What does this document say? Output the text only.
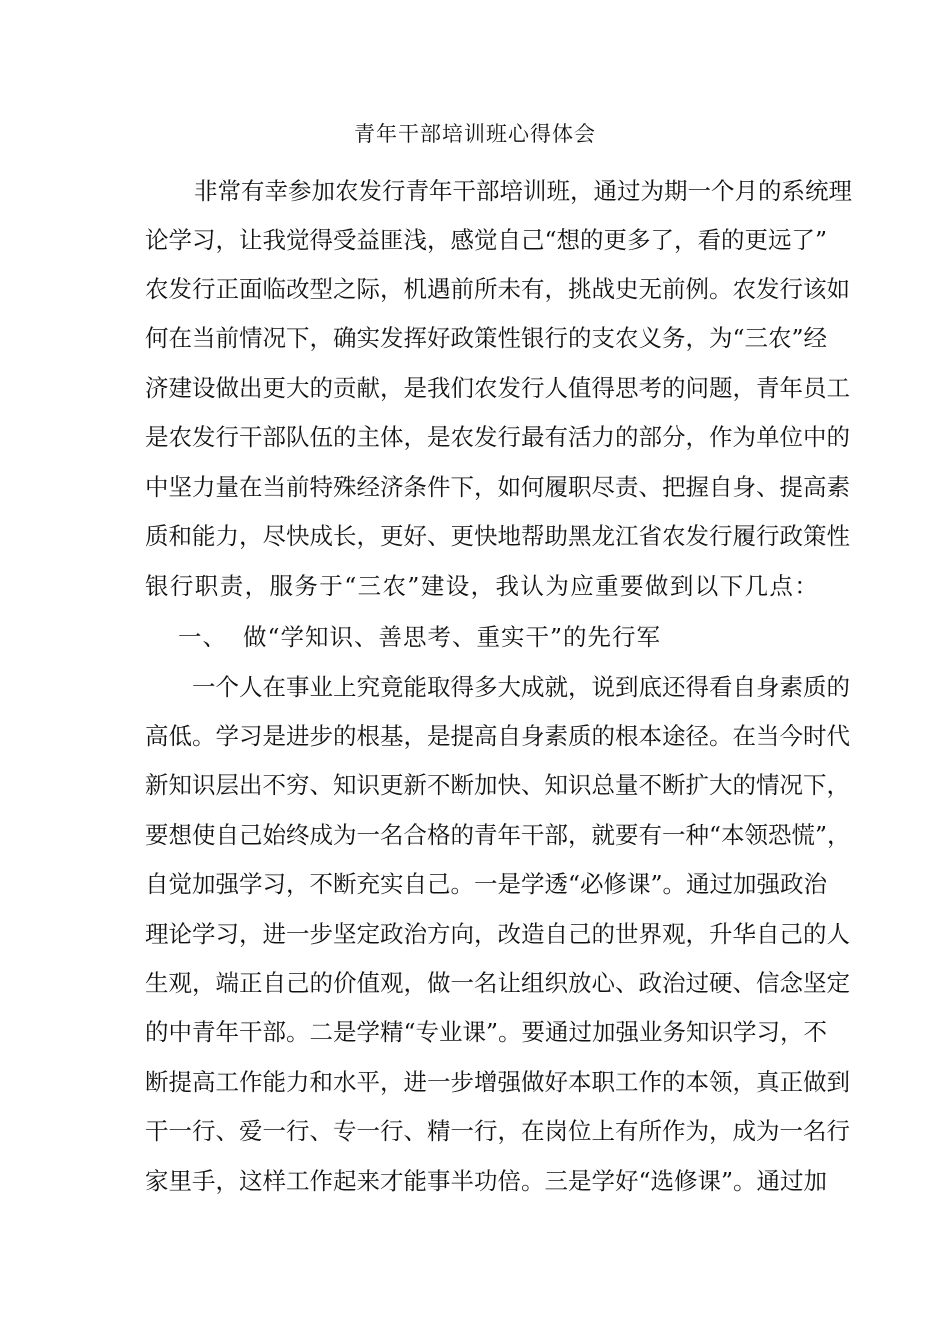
青年干部培训班心得体会
非常有幸参加农发行青年干部培训班，通过为期一个月的系统理
论学习，让我觉得受益匪浅，感觉自己“想的更多了，看的更远了”
农发行正面临改型之际，机遇前所未有，挑战史无前例。农发行该如
何在当前情况下，确实发挥好政策性银行的支农义务，为“三农”经
济建设做出更大的贡献，是我们农发行人值得思考的问题，青年员工
是农发行干部队伍的主体，是农发行最有活力的部分，作为单位中的
中坚力量在当前特殊经济条件下，如何履职尽责、把握自身、提高素
质和能力，尽快成长，更好、更快地帮助黑龙江省农发行履行政策性
银行职责，服务于“三农”建设，我认为应重要做到以下几点：
一、 做“学知识、善思考、重实干”的先行军
一个人在事业上究竟能取得多大成就，说到底还得看自身素质的
高低。学习是进步的根基，是提高自身素质的根本途径。在当今时代
新知识层出不穷、知识更新不断加快、知识总量不断扩大的情况下，
要想使自己始终成为一名合格的青年干部，就要有一种“本领恐慌”，
自觉加强学习，不断充实自己。一是学透“必修课”。通过加强政治
理论学习，进一步坚定政治方向，改造自己的世界观，升华自己的人
生观，端正自己的价值观，做一名让组织放心、政治过硬、信念坚定
的中青年干部。二是学精“专业课”。要通过加强业务知识学习，不
断提高工作能力和水平，进一步增强做好本职工作的本领，真正做到
干一行、爱一行、专一行、精一行，在岗位上有所作为，成为一名行
家里手，这样工作起来才能事半功倍。三是学好“选修课”。通过加
